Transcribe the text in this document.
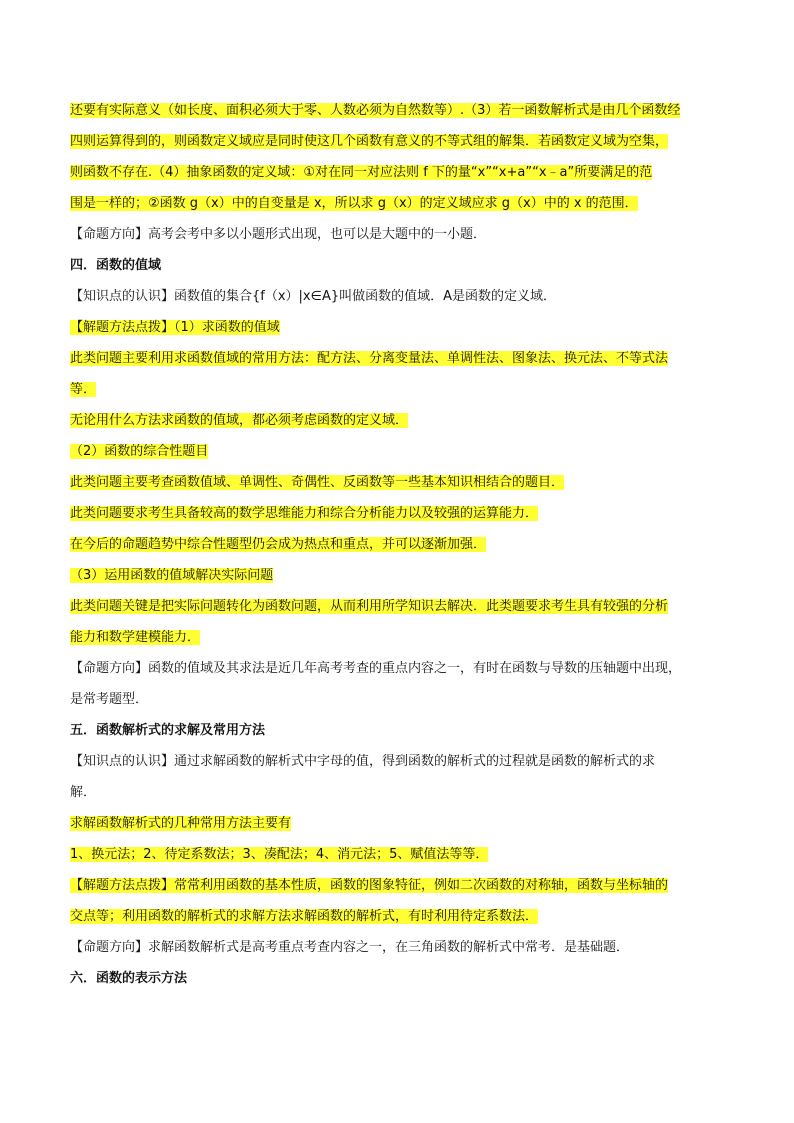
还要有实际意义（如长度、面积必须大于零、人数必须为自然数等）.（3）若一函数解析式是由几个函数经
四则运算得到的，则函数定义域应是同时使这几个函数有意义的不等式组的解集．若函数定义域为空集，
则函数不存在.（4）抽象函数的定义域：①对在同一对应法则 f 下的量“x”“x+a”“x﹣a”所要满足的范
围是一样的；②函数 g（x）中的自变量是 x，所以求 g（x）的定义域应求 g（x）中的 x 的范围．
【命题方向】高考会考中多以小题形式出现，也可以是大题中的一小题．
四．函数的值域
【知识点的认识】函数值的集合{f（x）|x∈A}叫做函数的值域．A是函数的定义域．
【解题方法点拨】（1）求函数的值域
此类问题主要利用求函数值域的常用方法：配方法、分离变量法、单调性法、图象法、换元法、不等式法
等．
无论用什么方法求函数的值域，都必须考虑函数的定义域．
（2）函数的综合性题目
此类问题主要考查函数值域、单调性、奇偶性、反函数等一些基本知识相结合的题目．
此类问题要求考生具备较高的数学思维能力和综合分析能力以及较强的运算能力．
在今后的命题趋势中综合性题型仍会成为热点和重点，并可以逐渐加强．
（3）运用函数的值域解决实际问题
此类问题关键是把实际问题转化为函数问题，从而利用所学知识去解决．此类题要求考生具有较强的分析
能力和数学建模能力．
【命题方向】函数的值域及其求法是近几年高考考查的重点内容之一，有时在函数与导数的压轴题中出现，
是常考题型．
五．函数解析式的求解及常用方法
【知识点的认识】通过求解函数的解析式中字母的值，得到函数的解析式的过程就是函数的解析式的求
解．
求解函数解析式的几种常用方法主要有
1、换元法；2、待定系数法；3、凑配法；4、消元法；5、赋值法等等．
【解题方法点拨】常常利用函数的基本性质，函数的图象特征，例如二次函数的对称轴，函数与坐标轴的
交点等；利用函数的解析式的求解方法求解函数的解析式，有时利用待定系数法．
【命题方向】求解函数解析式是高考重点考查内容之一，在三角函数的解析式中常考．是基础题．
六．函数的表示方法
